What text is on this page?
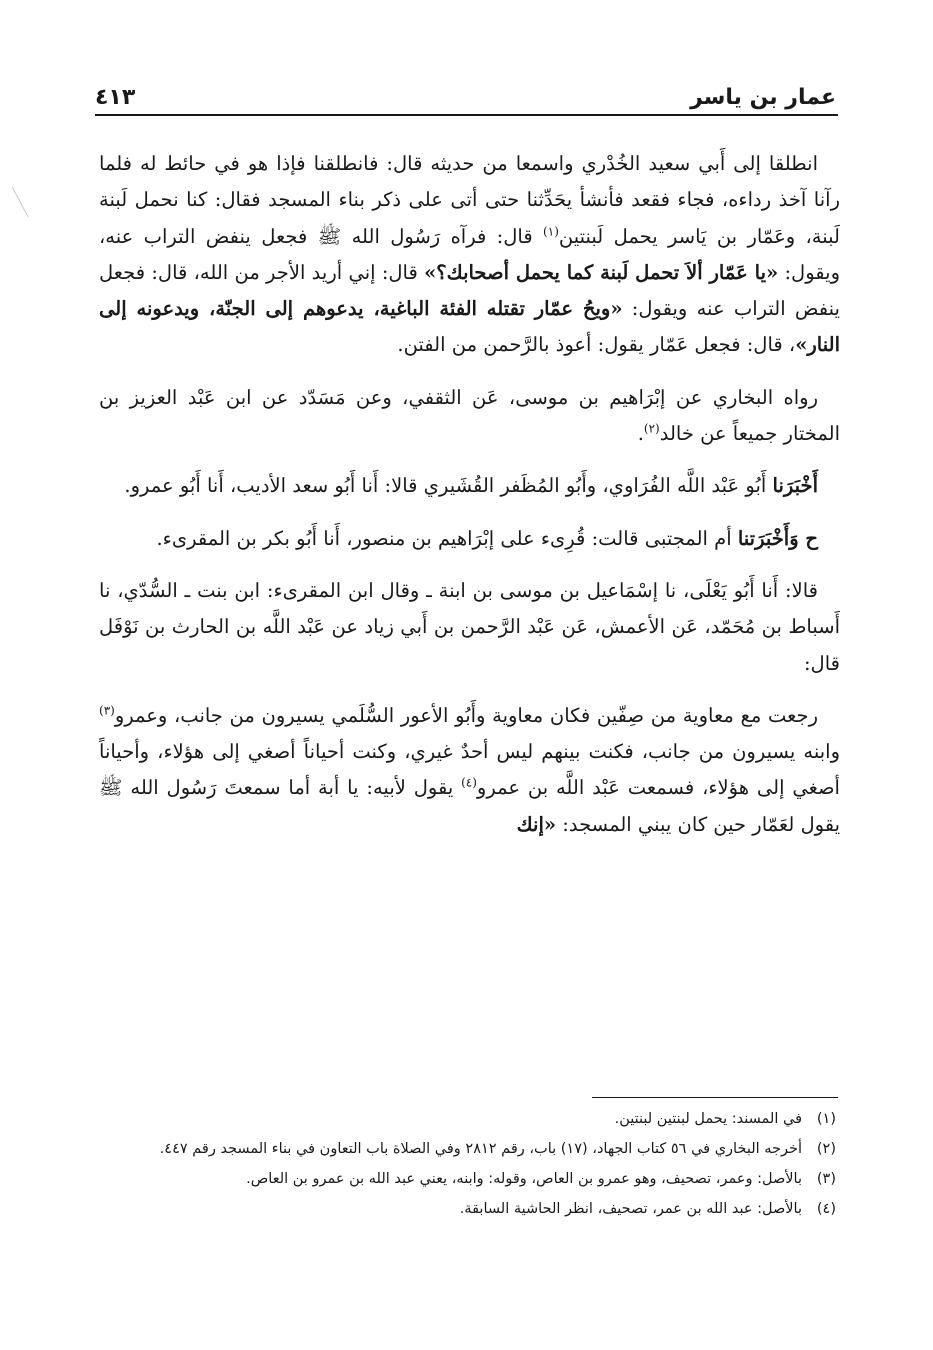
عمار بن ياسر
٤١٣

انطلقا إلى أَبي سعيد الخُدْري واسمعا من حديثه قال: فانطلقنا فإذا هو في حائط له فلما رآنا آخذ رداءه، فجاء فقعد فأنشأ يحَدِّثنا حتى أتى على ذكر بناء المسجد فقال: كنا نحمل لَبنة لَبنة، وعَمّار بن يَاسر يحمل لَبنتين$^{(١)}$ قال: فرآه رَسُول الله ﷺ فجعل ينفض التراب عنه، ويقول: «يا عَمّار ألاَ تحمل لَبنة كما يحمل أصحابك؟» قال: إني أريد الأجر من الله، قال: فجعل ينفض التراب عنه ويقول: «ويحُ عمّار تقتله الفئة الباغية، يدعوهم إلى الجنّة، ويدعونه إلى النار»، قال: فجعل عَمّار يقول: أعوذ بالرَّحمن من الفتن.

رواه البخاري عن إبْرَاهيم بن موسى، عَن الثقفي، وعن مَسَدّد عن ابن عَبْد العزيز بن المختار جميعاً عن خالد$^{(٢)}$.

أَخْبَرَنا أَبُو عَبْد اللَّه الفُرَاوي، وأَبُو المُظَفر القُشَيري قالا: أَنا أَبُو سعد الأديب، أَنا أَبُو عمرو.

ح وَأَخْبَرَتنا أم المجتبى قالت: قُرِىء على إبْرَاهيم بن منصور، أَنا أَبُو بكر بن المقرىء.

قالا: أَنا أَبُو يَعْلَى، نا إسْمَاعيل بن موسى بن ابنة ـ وقال ابن المقرىء: ابن بنت ـ السُّدّي، نا أَسباط بن مُحَمّد، عَن الأعمش، عَن عَبْد الرَّحمن بن أَبي زياد عن عَبْد اللَّه بن الحارث بن نَوْفَل قال:

رجعت مع معاوية من صِفّين فكان معاوية وأَبُو الأعور السُّلَمي يسيرون من جانب، وعمرو$^{(٣)}$ وابنه يسيرون من جانب، فكنت بينهم ليس أحدٌ غيري، وكنت أحياناً أصغي إلى هؤلاء، وأحياناً أصغي إلى هؤلاء، فسمعت عَبْد اللَّه بن عمرو$^{(٤)}$ يقول لأبيه: يا أبة أما سمعتَ رَسُول الله ﷺ يقول لعَمّار حين كان يبني المسجد: «إنك

(١)
في المسند: يحمل لبنتين لبنتين.
(٢)
أخرجه البخاري في ٥٦ كتاب الجهاد، (١٧) باب، رقم ٢٨١٢ وفي الصلاة باب التعاون في بناء المسجد رقم ٤٤٧.
(٣)
بالأصل: وعمر، تصحيف، وهو عمرو بن العاص، وقوله: وابنه، يعني عبد الله بن عمرو بن العاص.
(٤)
بالأصل: عبد الله بن عمر، تصحيف، انظر الحاشية السابقة.
